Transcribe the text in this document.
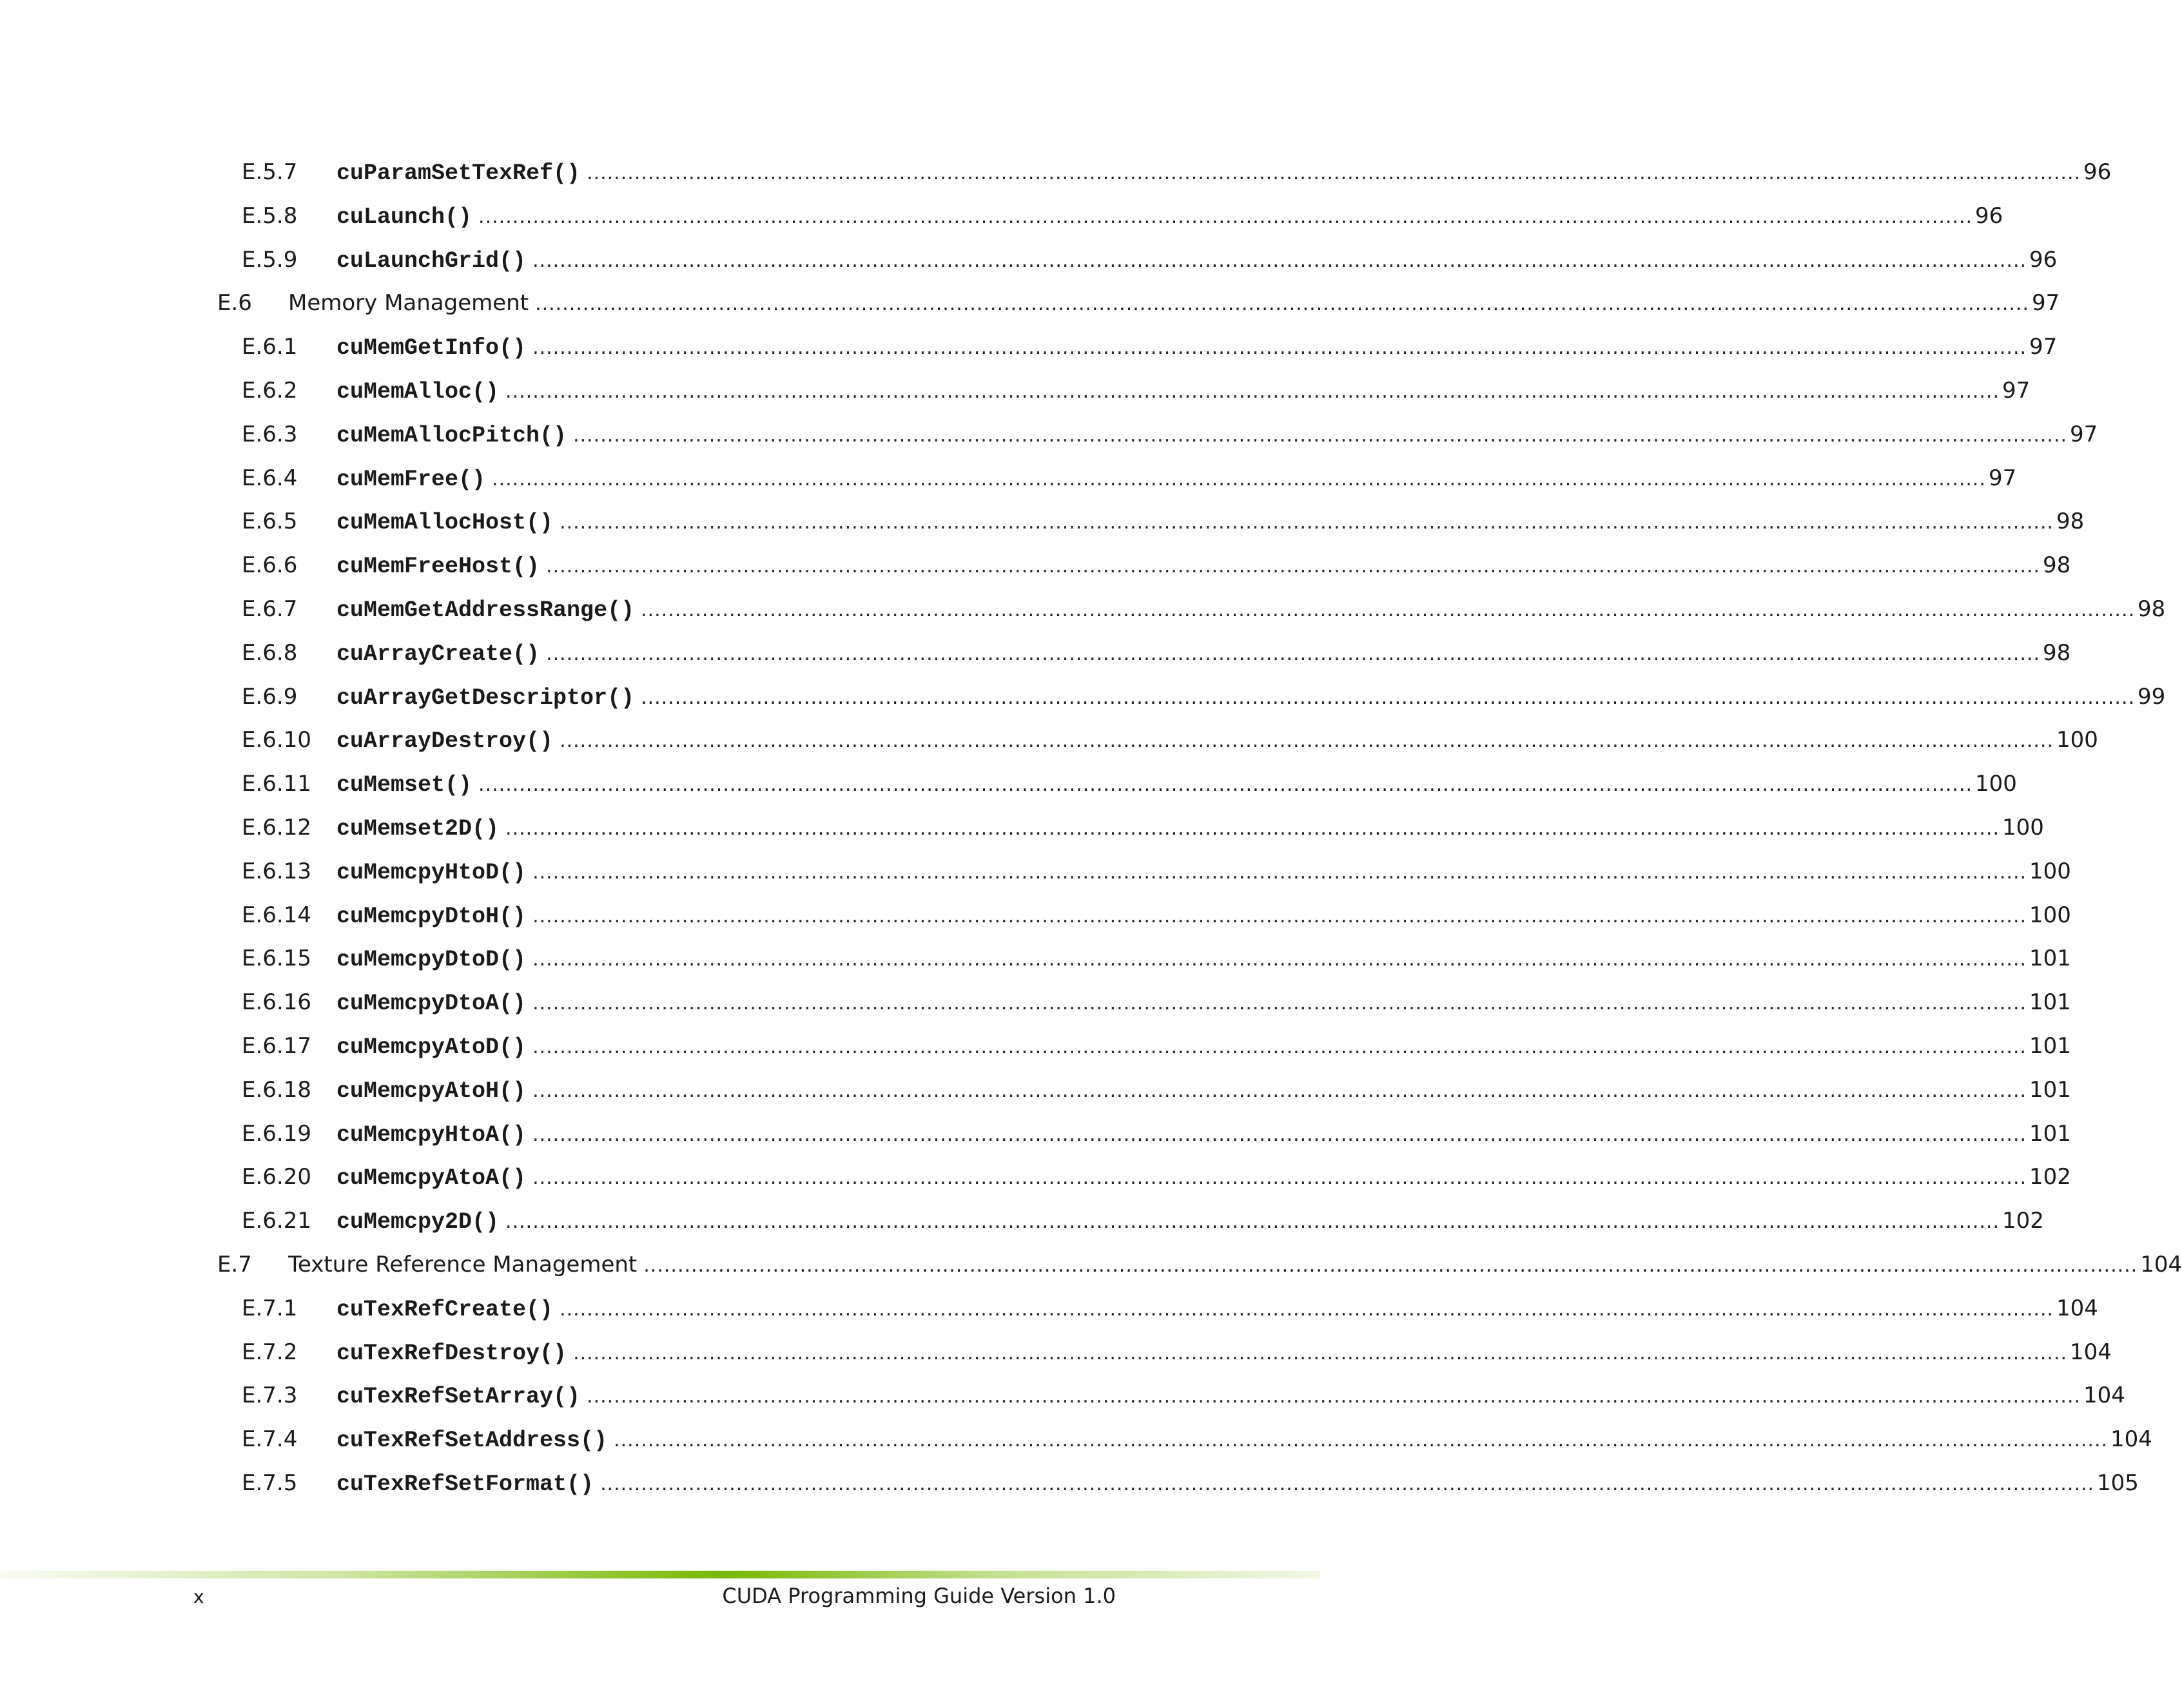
E.5.7	cuParamSetTexRef() ............................................................................................................................................................................................................................ 96
E.5.8	cuLaunch() ............................................................................................................................................................................................................................ 96
E.5.9	cuLaunchGrid() ............................................................................................................................................................................................................................ 96
E.6	Memory Management ............................................................................................................................................................................................................................ 97
E.6.1	cuMemGetInfo() ............................................................................................................................................................................................................................ 97
E.6.2	cuMemAlloc() ............................................................................................................................................................................................................................ 97
E.6.3	cuMemAllocPitch() ............................................................................................................................................................................................................................ 97
E.6.4	cuMemFree() ............................................................................................................................................................................................................................ 97
E.6.5	cuMemAllocHost() ............................................................................................................................................................................................................................ 98
E.6.6	cuMemFreeHost() ............................................................................................................................................................................................................................ 98
E.6.7	cuMemGetAddressRange() ............................................................................................................................................................................................................................ 98
E.6.8	cuArrayCreate() ............................................................................................................................................................................................................................ 98
E.6.9	cuArrayGetDescriptor() ............................................................................................................................................................................................................................ 99
E.6.10	cuArrayDestroy() ............................................................................................................................................................................................................................ 100
E.6.11	cuMemset() ............................................................................................................................................................................................................................ 100
E.6.12	cuMemset2D() ............................................................................................................................................................................................................................ 100
E.6.13	cuMemcpyHtoD() ............................................................................................................................................................................................................................ 100
E.6.14	cuMemcpyDtoH() ............................................................................................................................................................................................................................ 100
E.6.15	cuMemcpyDtoD() ............................................................................................................................................................................................................................ 101
E.6.16	cuMemcpyDtoA() ............................................................................................................................................................................................................................ 101
E.6.17	cuMemcpyAtoD() ............................................................................................................................................................................................................................ 101
E.6.18	cuMemcpyAtoH() ............................................................................................................................................................................................................................ 101
E.6.19	cuMemcpyHtoA() ............................................................................................................................................................................................................................ 101
E.6.20	cuMemcpyAtoA() ............................................................................................................................................................................................................................ 102
E.6.21	cuMemcpy2D() ............................................................................................................................................................................................................................ 102
E.7	Texture Reference Management ............................................................................................................................................................................................................................ 104
E.7.1	cuTexRefCreate() ............................................................................................................................................................................................................................ 104
E.7.2	cuTexRefDestroy() ............................................................................................................................................................................................................................ 104
E.7.3	cuTexRefSetArray() ............................................................................................................................................................................................................................ 104
E.7.4	cuTexRefSetAddress() ............................................................................................................................................................................................................................ 104
E.7.5	cuTexRefSetFormat() ............................................................................................................................................................................................................................ 105
x	CUDA Programming Guide Version 1.0
